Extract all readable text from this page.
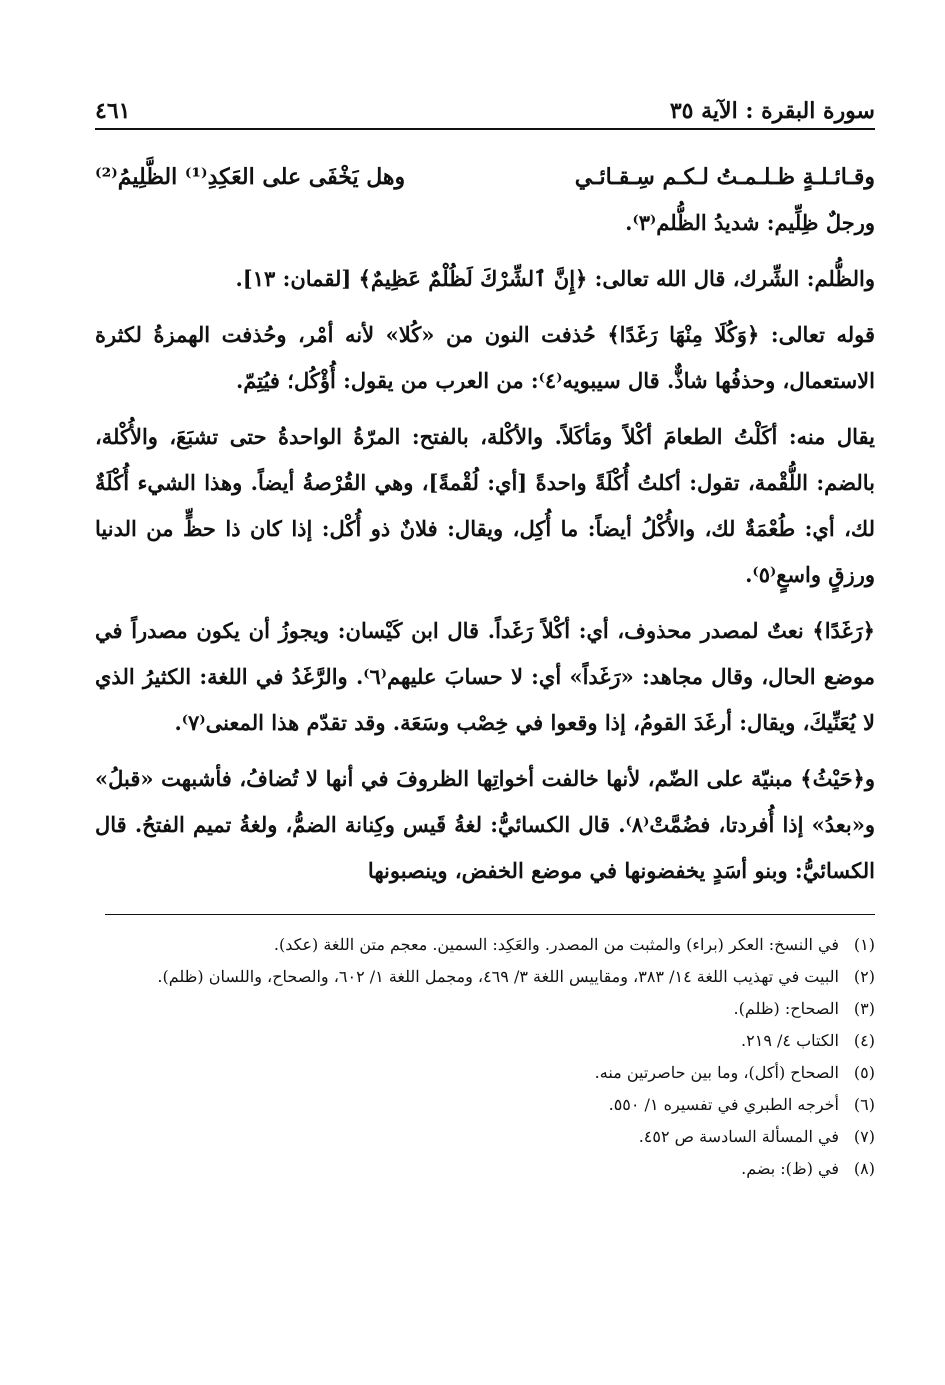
سورة البقرة : الآية ٣٥
٤٦١
وقـائـلـةٍ ظـلـمـتُ لـكـم سِـقـائـي
وهل يَخْفَى على العَكِدِ⁽¹⁾ الظَّلِيمُ⁽²⁾

ورجلٌ ظِلِّيم: شديدُ الظُّلم⁽٣⁾.

والظُّلم: الشِّرك، قال الله تعالى: ﴿إِنَّ ٱلشِّرْكَ لَظُلْمٌ عَظِيمٌ﴾ [لقمان: ١٣].

قوله تعالى: ﴿وَكُلَا مِنْهَا رَغَدًا﴾ حُذفت النون من «كُلا» لأنه أمْر، وحُذفت الهمزةُ لكثرة الاستعمال، وحذفُها شاذٌّ. قال سيبويه⁽٤⁾: من العرب من يقول: أُؤْكُل؛ فيُتِمّ.

يقال منه: أكَلْتُ الطعامَ أكْلاً ومَأكَلاً. والأكْلة، بالفتح: المرّةُ الواحدةُ حتى تشبَعَ، والأُكْلة، بالضم: اللُّقْمة، تقول: أكلتُ أُكْلَةً واحدةً [أي: لُقْمةً]، وهي القُرْصةُ أيضاً. وهذا الشيء أُكْلَةٌ لك، أي: طُعْمَةٌ لك، والأُكْلُ أيضاً: ما أُكِل، ويقال: فلانٌ ذو أُكْل: إذا كان ذا حظٍّ من الدنيا ورزقٍ واسعٍ⁽٥⁾.

﴿رَغَدًا﴾ نعتٌ لمصدر محذوف، أي: أكْلاً رَغَداً. قال ابن كَيْسان: ويجوزُ أن يكون مصدراً في موضع الحال، وقال مجاهد: «رَغَداً» أي: لا حسابَ عليهم⁽٦⁾. والرَّغَدُ في اللغة: الكثيرُ الذي لا يُعَنِّيكَ، ويقال: أرغَدَ القومُ، إذا وقعوا في خِصْب وسَعَة. وقد تقدّم هذا المعنى⁽٧⁾.

و﴿حَيْثُ﴾ مبنيّة على الضّم، لأنها خالفت أخواتِها الظروفَ في أنها لا تُضافُ، فأشبهت «قبلُ» و«بعدُ» إذا أُفردتا، فضُمَّتْ⁽٨⁾. قال الكسائيُّ: لغةُ قَيس وكِنانة الضمُّ، ولغةُ تميم الفتحُ. قال الكسائيُّ: وبنو أسَدٍ يخفضونها في موضع الخفض، وينصبونها

(١)
في النسخ: العكر (براء) والمثبت من المصدر. والعَكِد: السمين. معجم متن اللغة (عكد).
(٢)
البيت في تهذيب اللغة ١٤/ ٣٨٣، ومقاييس اللغة ٣/ ٤٦٩، ومجمل اللغة ١/ ٦٠٢، والصحاح، واللسان (ظلم).
(٣)
الصحاح: (ظلم).
(٤)
الكتاب ٤/ ٢١٩.
(٥)
الصحاح (أكل)، وما بين حاصرتين منه.
(٦)
أخرجه الطبري في تفسيره ١/ ٥٥٠.
(٧)
في المسألة السادسة ص ٤٥٢.
(٨)
في (ظ): بضم.
